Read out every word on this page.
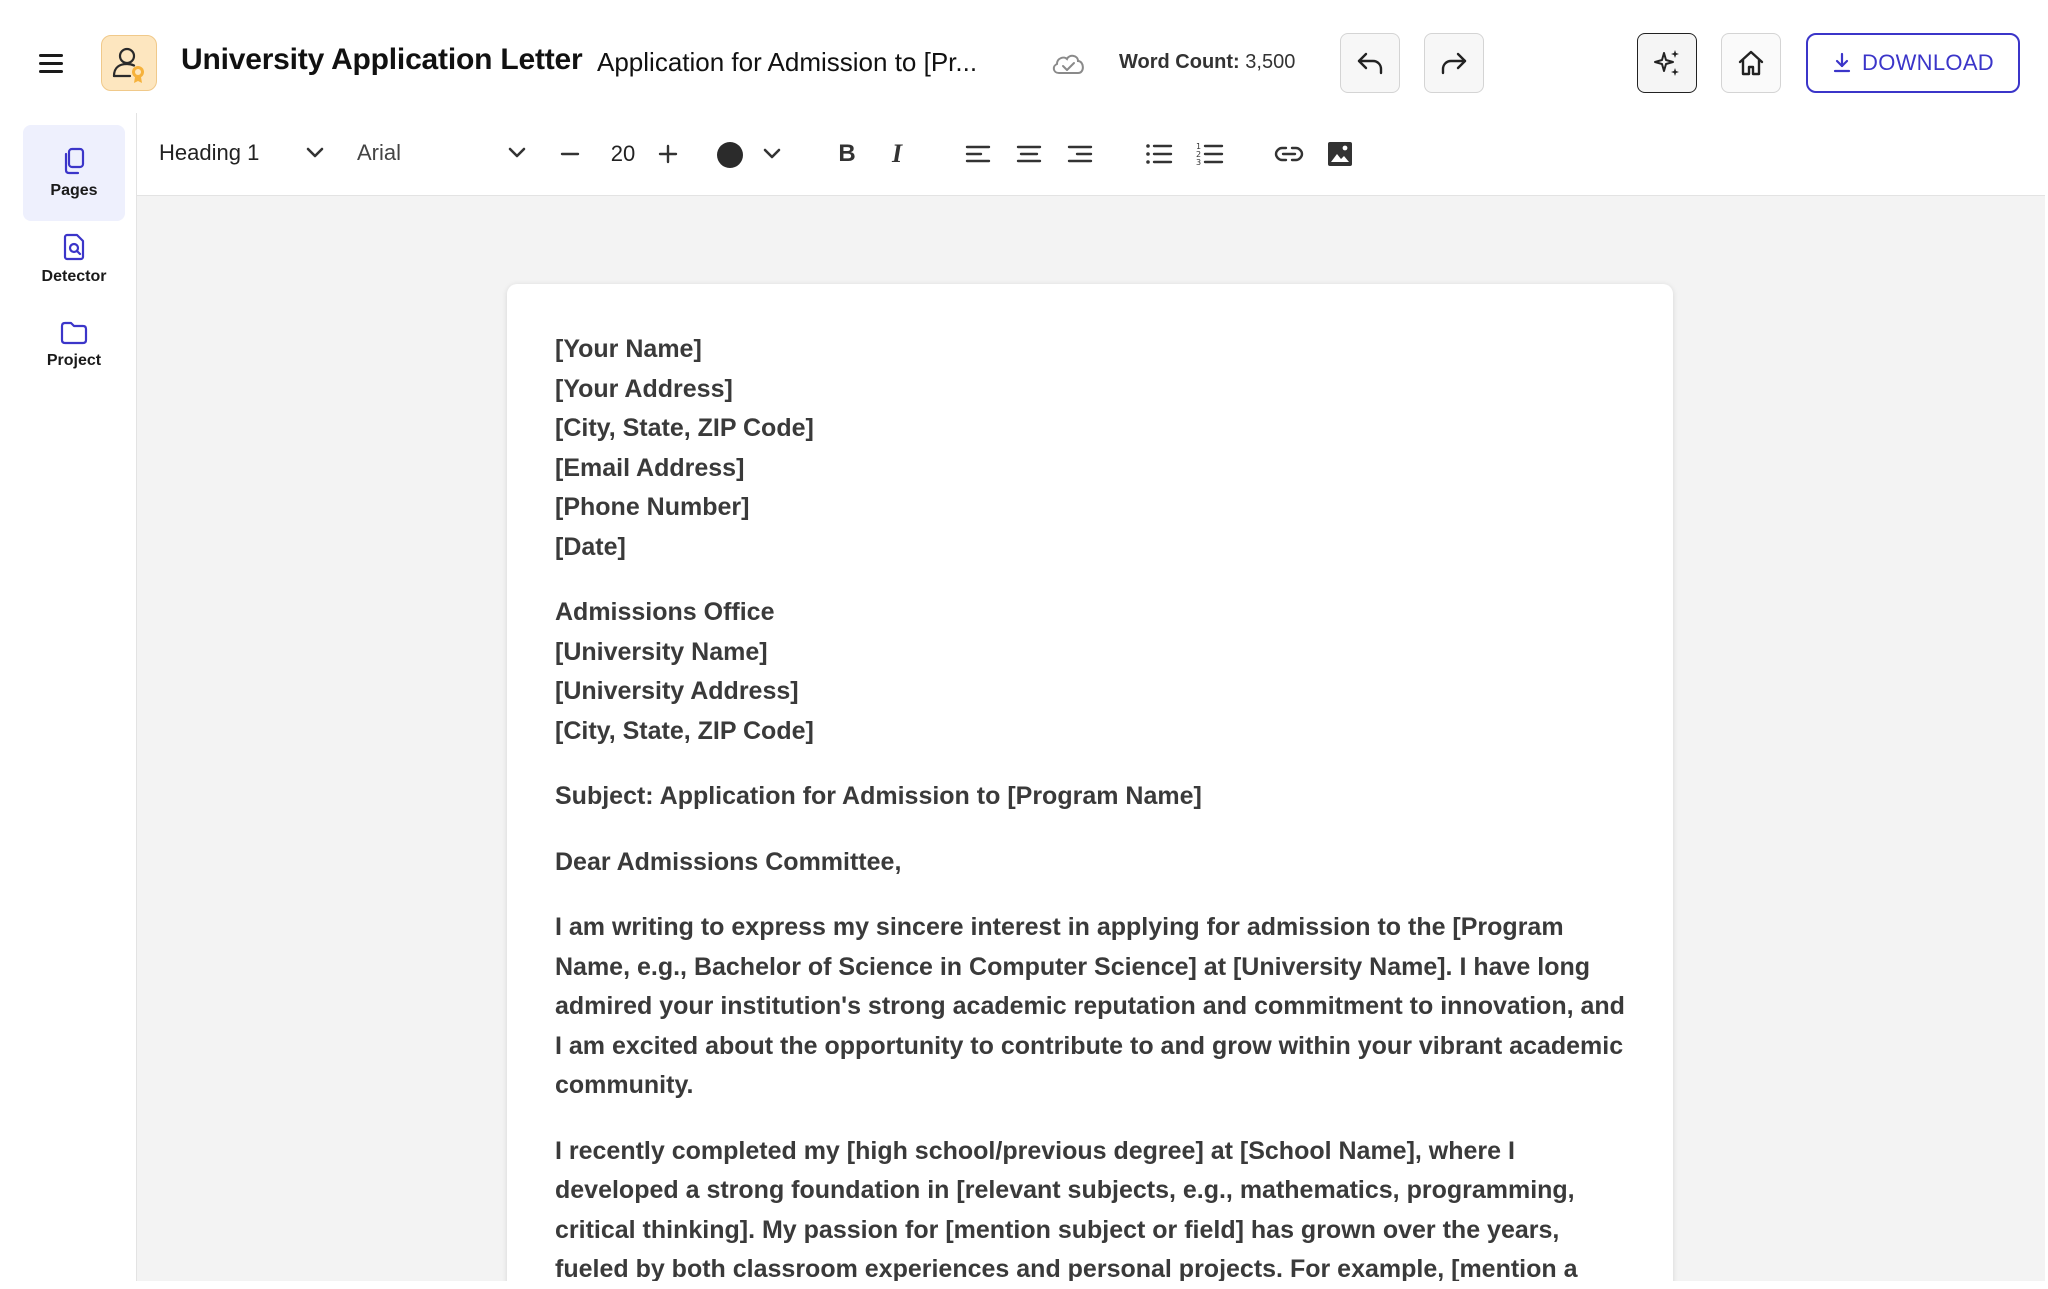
University Application Letter Application for Admission to [Pr...	Word Count: 3,500	DOWNLOAD
Pages
Detector
Project
Heading 1	Arial	20	B I	1
2
3
[Your Name]
[Your Address]
[City, State, ZIP Code]
[Email Address]
[Phone Number]
[Date]
Admissions Office
[University Name]
[University Address]
[City, State, ZIP Code]

Subject: Application for Admission to [Program Name]

Dear Admissions Committee,

I am writing to express my sincere interest in applying for admission to the [Program Name, e.g., Bachelor of Science in Computer Science] at [University Name]. I have long admired your institution's strong academic reputation and commitment to innovation, and I am excited about the opportunity to contribute to and grow within your vibrant academic community.

I recently completed my [high school/previous degree] at [School Name], where I developed a strong foundation in [relevant subjects, e.g., mathematics, programming, critical thinking]. My passion for [mention subject or field] has grown over the years, fueled by both classroom experiences and personal projects. For example, [mention a
